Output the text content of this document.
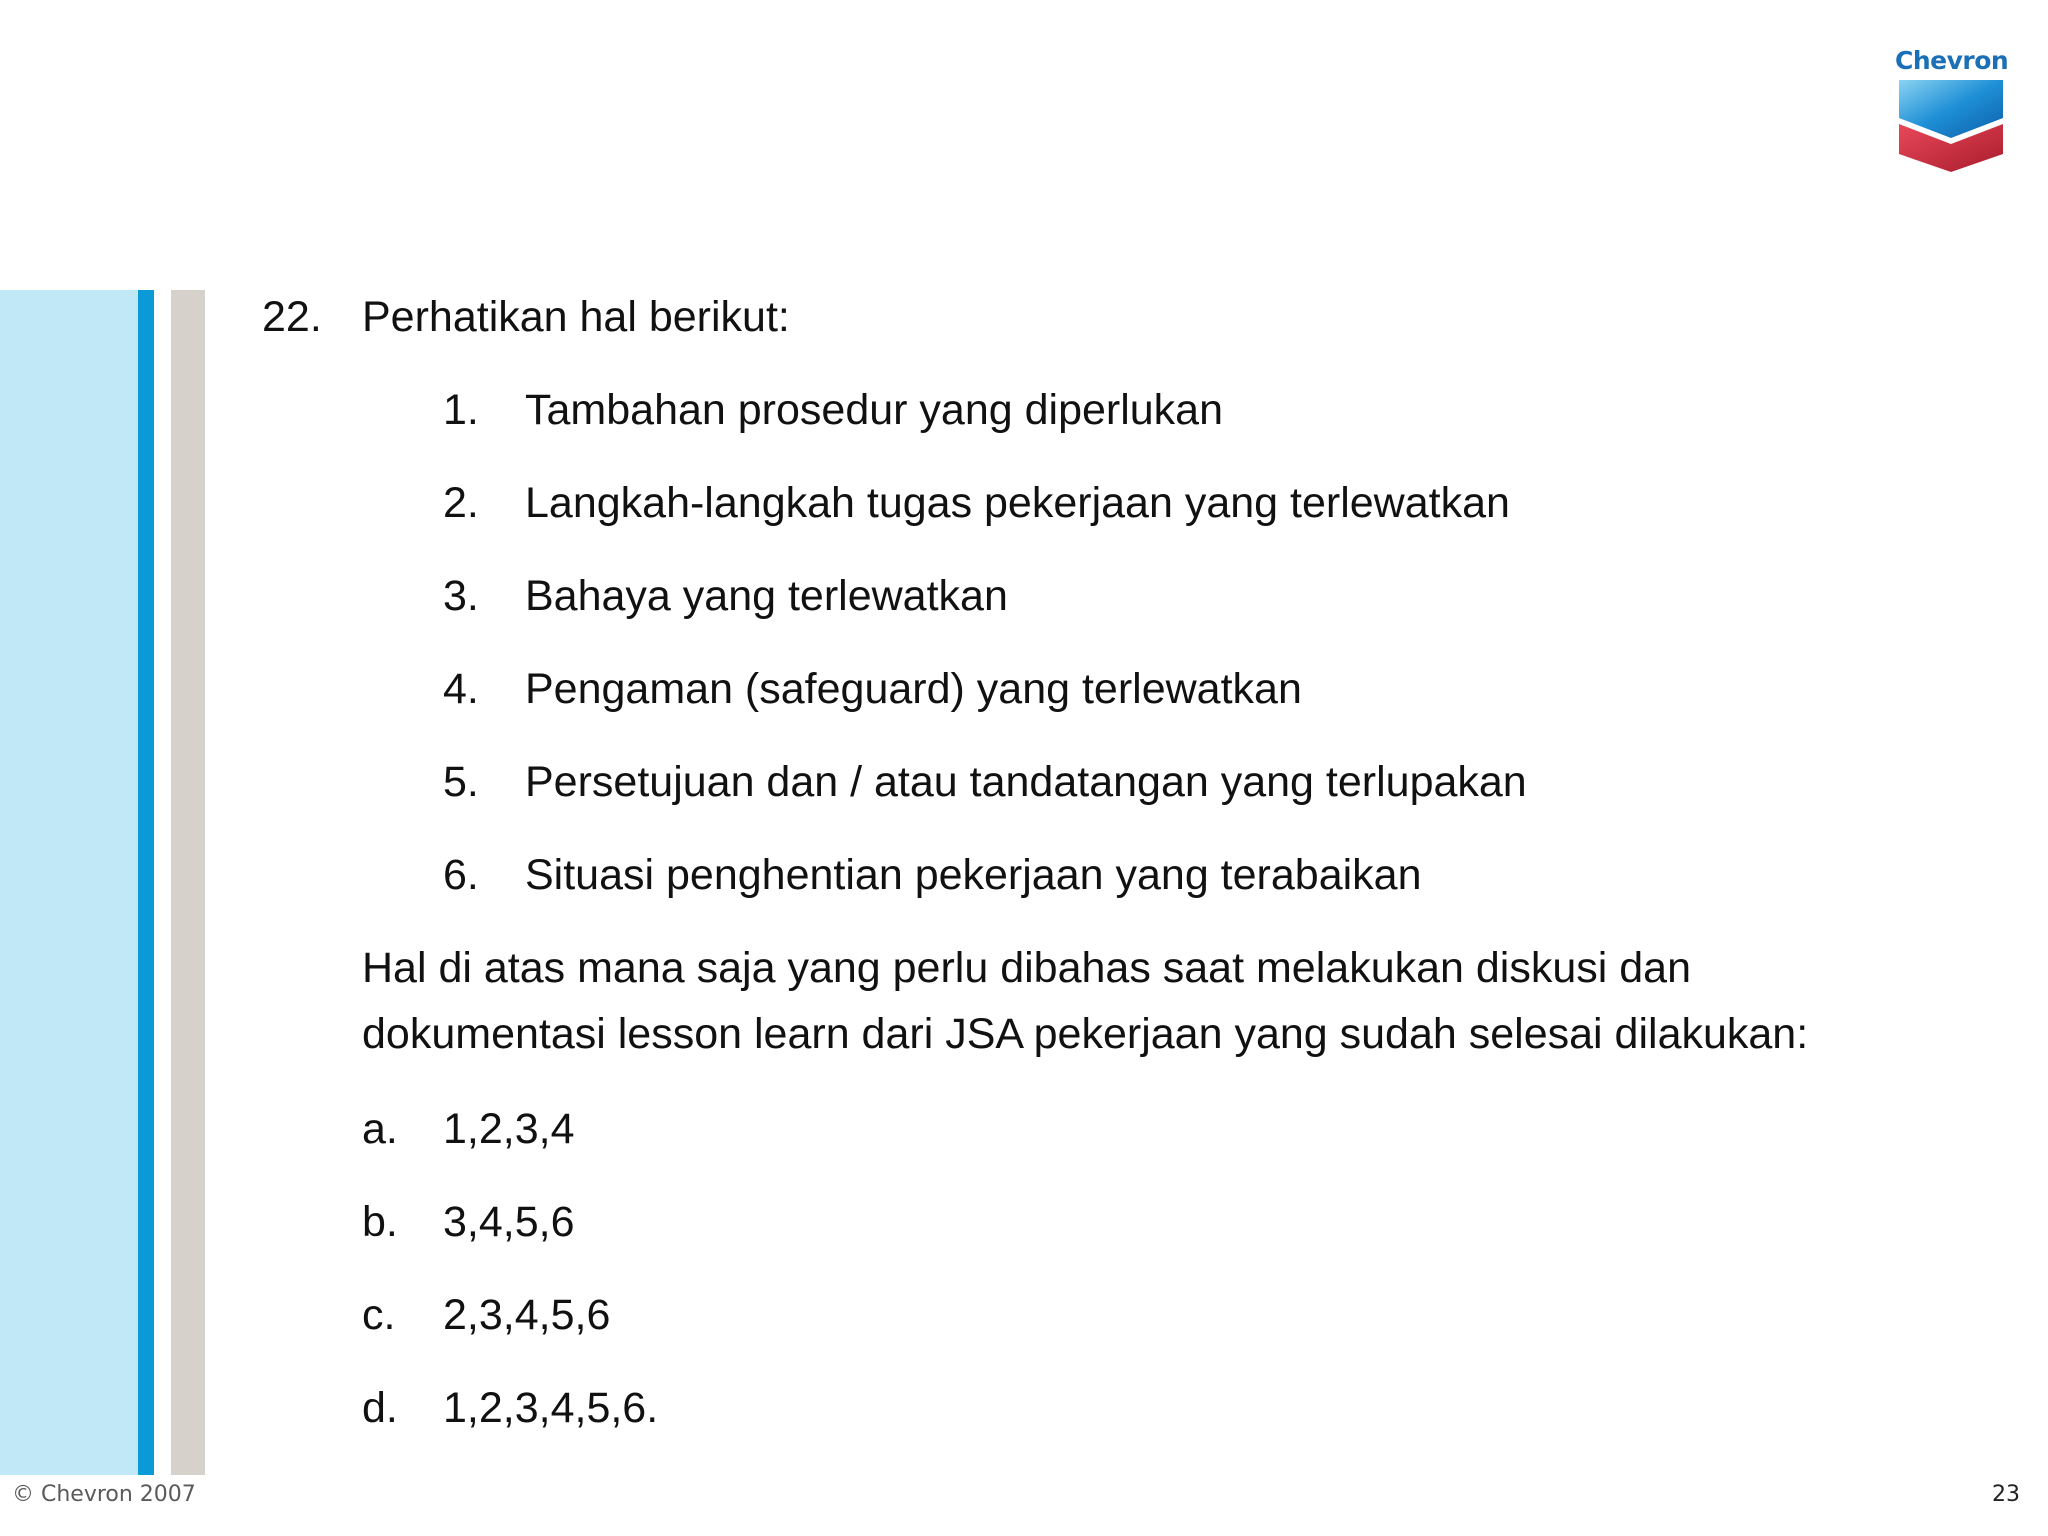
Chevron
22. Perhatikan hal berikut:
1. Tambahan prosedur yang diperlukan
2. Langkah-langkah tugas pekerjaan yang terlewatkan
3. Bahaya yang terlewatkan
4. Pengaman (safeguard) yang terlewatkan
5. Persetujuan dan / atau tandatangan yang terlupakan
6. Situasi penghentian pekerjaan yang terabaikan
Hal di atas mana saja yang perlu dibahas saat melakukan diskusi dan
dokumentasi lesson learn dari JSA pekerjaan yang sudah selesai dilakukan:
a. 1,2,3,4
b. 3,4,5,6
c. 2,3,4,5,6
d. 1,2,3,4,5,6.
© Chevron 2007	23
